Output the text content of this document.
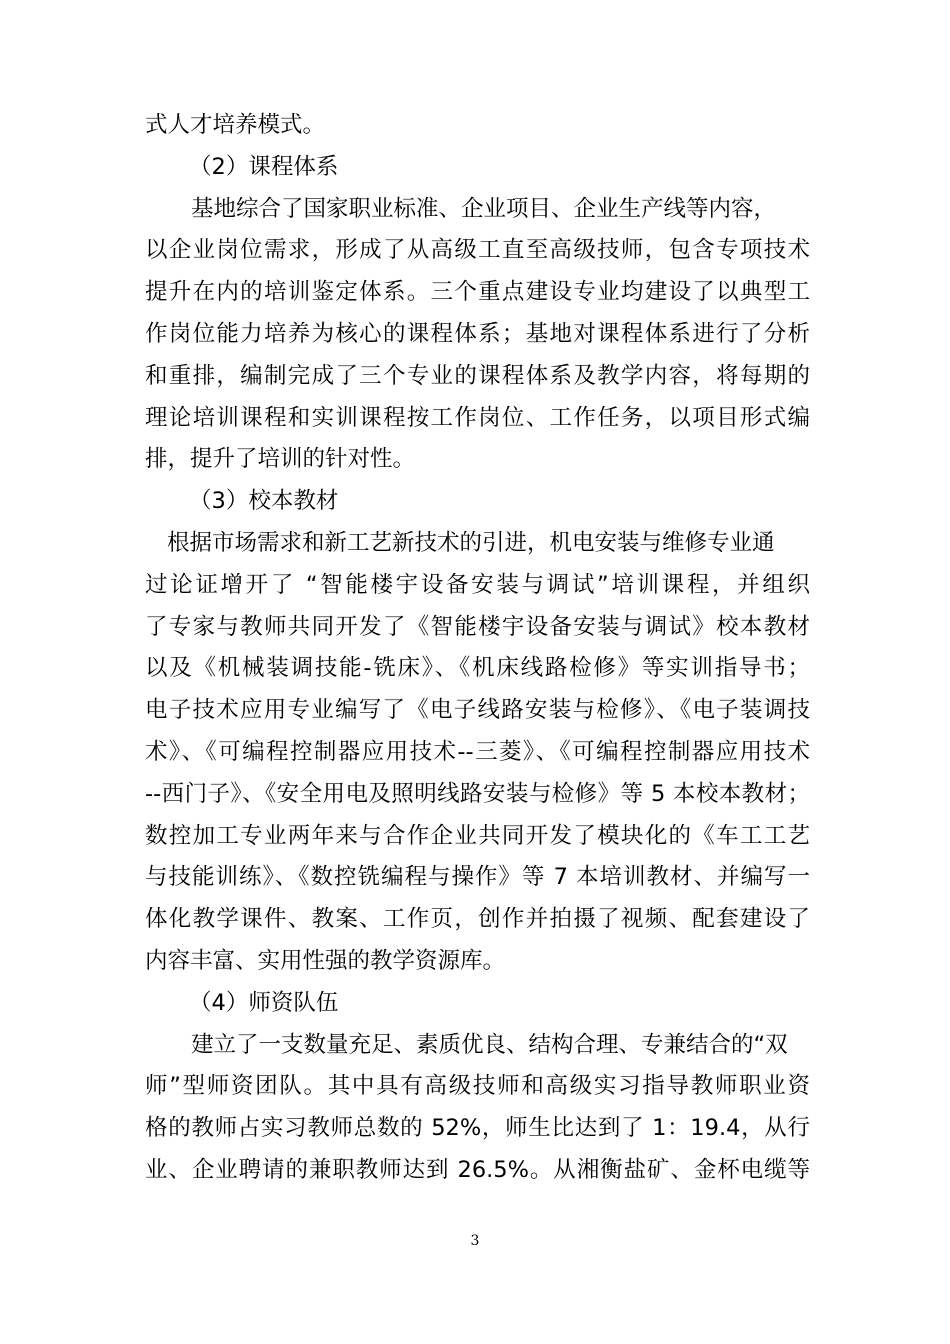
式人才培养模式。
（2）课程体系
基地综合了国家职业标准、企业项目、企业生产线等内容，
以企业岗位需求，形成了从高级工直至高级技师，包含专项技术
提升在内的培训鉴定体系。三个重点建设专业均建设了以典型工
作岗位能力培养为核心的课程体系；基地对课程体系进行了分析
和重排，编制完成了三个专业的课程体系及教学内容，将每期的
理论培训课程和实训课程按工作岗位、工作任务，以项目形式编
排，提升了培训的针对性。
（3）校本教材
根据市场需求和新工艺新技术的引进，机电安装与维修专业通
过论证增开了 “智能楼宇设备安装与调试”培训课程，并组织
了专家与教师共同开发了《智能楼宇设备安装与调试》校本教材
以及《机械装调技能-铣床》、《机床线路检修》等实训指导书；
电子技术应用专业编写了《电子线路安装与检修》、《电子装调技
术》、《可编程控制器应用技术--三菱》、《可编程控制器应用技术
--西门子》、《安全用电及照明线路安装与检修》等 5 本校本教材；
数控加工专业两年来与合作企业共同开发了模块化的《车工工艺
与技能训练》、《数控铣编程与操作》等 7 本培训教材、并编写一
体化教学课件、教案、工作页，创作并拍摄了视频、配套建设了
内容丰富、实用性强的教学资源库。
（4）师资队伍
建立了一支数量充足、素质优良、结构合理、专兼结合的“双
师”型师资团队。其中具有高级技师和高级实习指导教师职业资
格的教师占实习教师总数的 52%，师生比达到了 1：19.4，从行
业、企业聘请的兼职教师达到 26.5%。从湘衡盐矿、金杯电缆等
3
